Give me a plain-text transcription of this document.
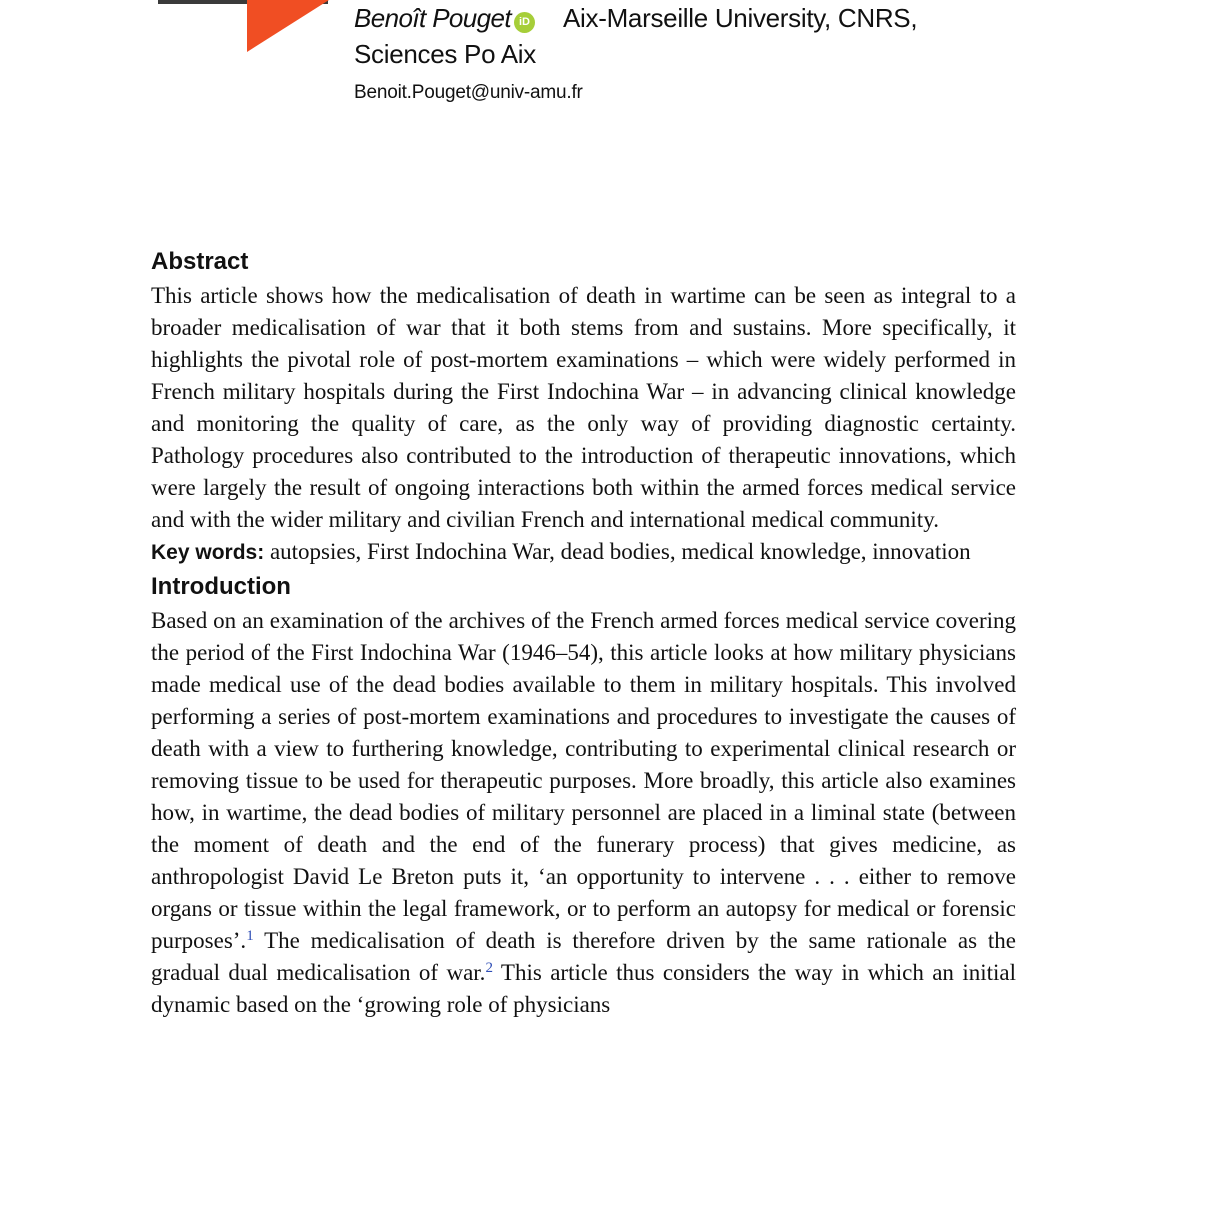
Benoît Pouget iD Aix-Marseille University, CNRS,
Sciences Po Aix
Benoit.Pouget@univ-amu.fr
Abstract

This article shows how the medicalisation of death in wartime can be seen as integral to a broader medicalisation of war that it both stems from and sustains. More specifically, it highlights the pivotal role of post-mortem examinations – which were widely performed in French military hospitals during the First Indochina War – in advancing clinical knowledge and monitoring the quality of care, as the only way of providing diagnostic certainty. Pathology procedures also contributed to the introduction of therapeutic innovations, which were largely the result of ongoing interactions both within the armed forces medical service and with the wider military and civilian French and international medical community.

Key words: autopsies, First Indochina War, dead bodies, medical knowledge, innovation

Introduction

Based on an examination of the archives of the French armed forces medical service covering the period of the First Indochina War (1946–54), this article looks at how military physicians made medical use of the dead bodies available to them in military hospitals. This involved performing a series of post-mortem examinations and procedures to investigate the causes of death with a view to furthering knowledge, contributing to experimental clinical research or removing tissue to be used for therapeutic purposes. More broadly, this article also examines how, in wartime, the dead bodies of military personnel are placed in a liminal state (between the moment of death and the end of the funerary process) that gives medicine, as anthropologist David Le Breton puts it, ‘an opportunity to intervene . . . either to remove organs or tissue within the legal framework, or to perform an autopsy for medical or forensic purposes’.$^1$ The medicalisation of death is therefore driven by the same rationale as the gradual dual medicalisation of war.$^2$ This article thus considers the way in which an initial dynamic based on the ‘growing role of physicians
